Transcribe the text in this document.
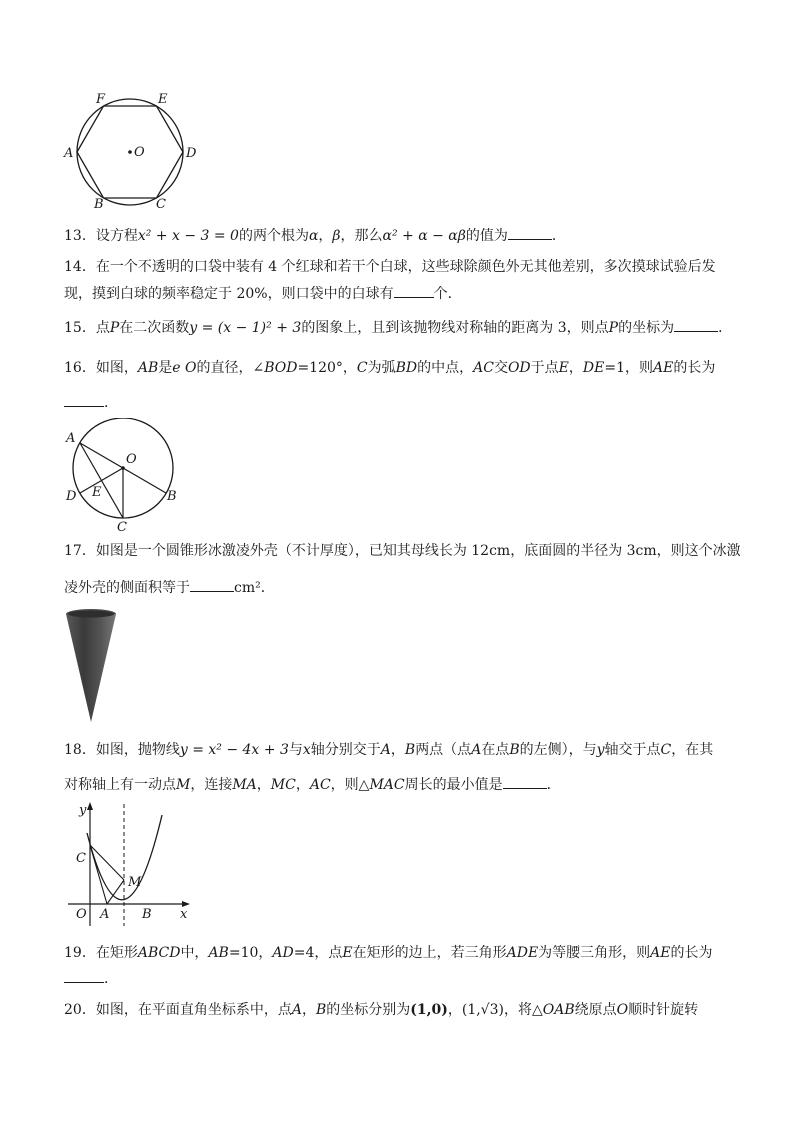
F	E
A	O	D
B	C
13．设方程x² + x − 3 = 0的两个根为α，β，那么α² + α − αβ的值为	．
14．在一个不透明的口袋中装有 4 个红球和若干个白球，这些球除颜色外无其他差别，多次摸球试验后发
现，摸到白球的频率稳定于 20%，则口袋中的白球有	个．
15．点P在二次函数y = (x − 1)² + 3的图象上，且到该抛物线对称轴的距离为 3，则点P的坐标为	．
16．如图，AB是e O的直径，∠BOD=120°，C为弧BD的中点，AC交OD于点E，DE=1，则AE的长为
．
A
O
D E	B
C
17．如图是一个圆锥形冰激凌外壳（不计厚度），已知其母线长为 12cm，底面圆的半径为 3cm，则这个冰激
凌外壳的侧面积等于	cm²．
18．如图，抛物线y = x² − 4x + 3与x轴分别交于A，B两点（点A在点B的左侧），与y轴交于点C，在其
对称轴上有一动点M，连接MA，MC，AC，则△MAC周长的最小值是	．
y
C
M
O A	B x
19．在矩形ABCD中，AB=10，AD=4，点E在矩形的边上，若三角形ADE为等腰三角形，则AE的长为
．
20．如图，在平面直角坐标系中，点A，B的坐标分别为(1,0)，(1,√3)，将△OAB绕原点O顺时针旋转
